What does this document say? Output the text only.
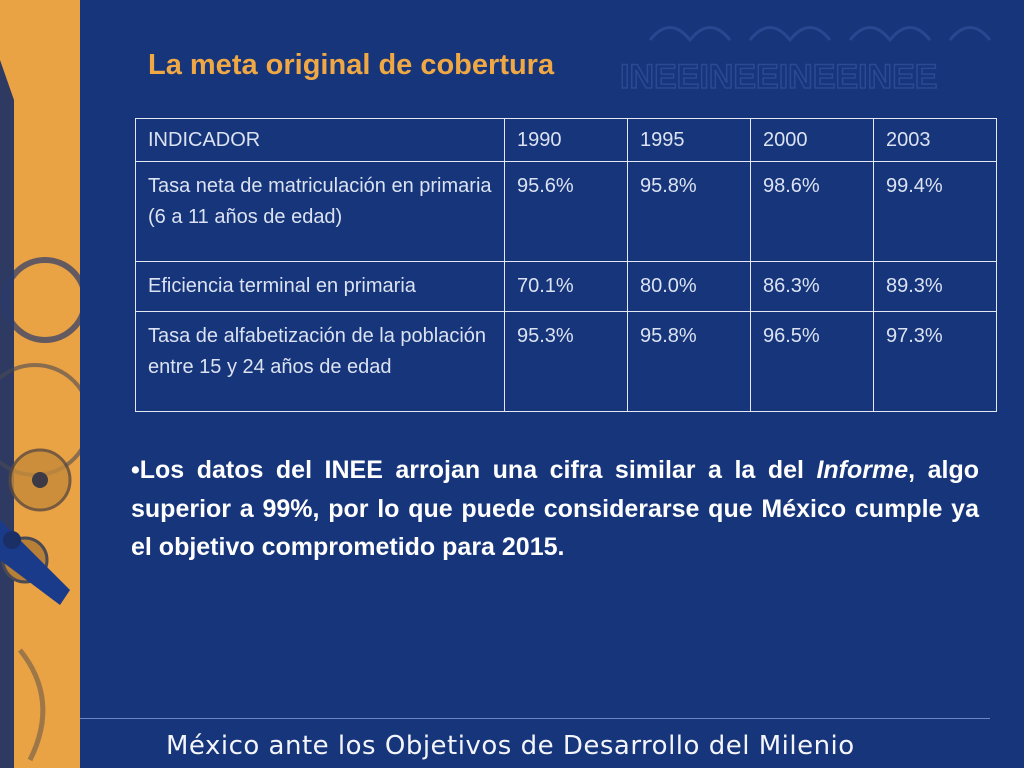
INEEINEEINEEINEE
La meta original de cobertura
INDICADOR	1990	1995	2000	2003
Tasa neta de matriculación en primaria (6 a 11 años de edad)	95.6%	95.8%	98.6%	99.4%
Eficiencia terminal en primaria	70.1%	80.0%	86.3%	89.3%
Tasa de alfabetización de la población entre 15 y 24 años de edad	95.3%	95.8%	96.5%	97.3%

•Los datos del INEE arrojan una cifra similar a la del Informe, algo superior a 99%, por lo que puede considerarse que México cumple ya el objetivo comprometido para 2015.

México ante los Objetivos de Desarrollo del Milenio
